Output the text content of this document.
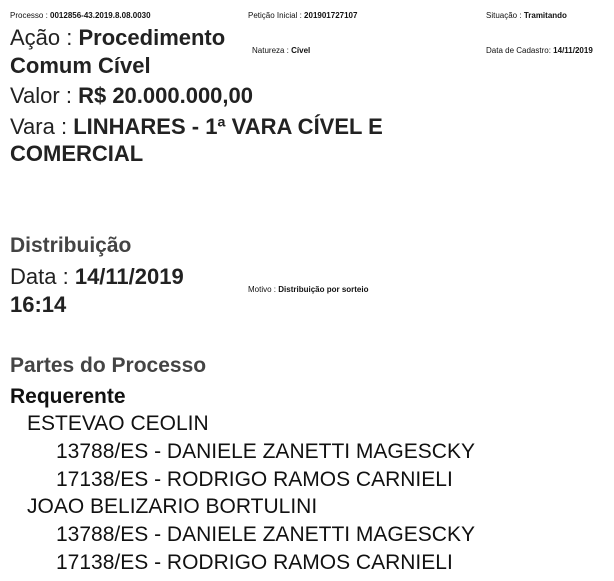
Processo : 0012856-43.2019.8.08.0030	Petição Inicial : 201901727107	Situação : Tramitando
Ação : Procedimento
Comum Cível
Natureza : Cível	Data de Cadastro: 14/11/2019
Valor : R$ 20.000.000,00
Vara : LINHARES - 1ª VARA CÍVEL E
COMERCIAL
Distribuição
Data : 14/11/2019
16:14
Motivo : Distribuição por sorteio
Partes do Processo
Requerente
ESTEVAO CEOLIN
13788/ES - DANIELE ZANETTI MAGESCKY
17138/ES - RODRIGO RAMOS CARNIELI
JOAO BELIZARIO BORTULINI
13788/ES - DANIELE ZANETTI MAGESCKY
17138/ES - RODRIGO RAMOS CARNIELI
